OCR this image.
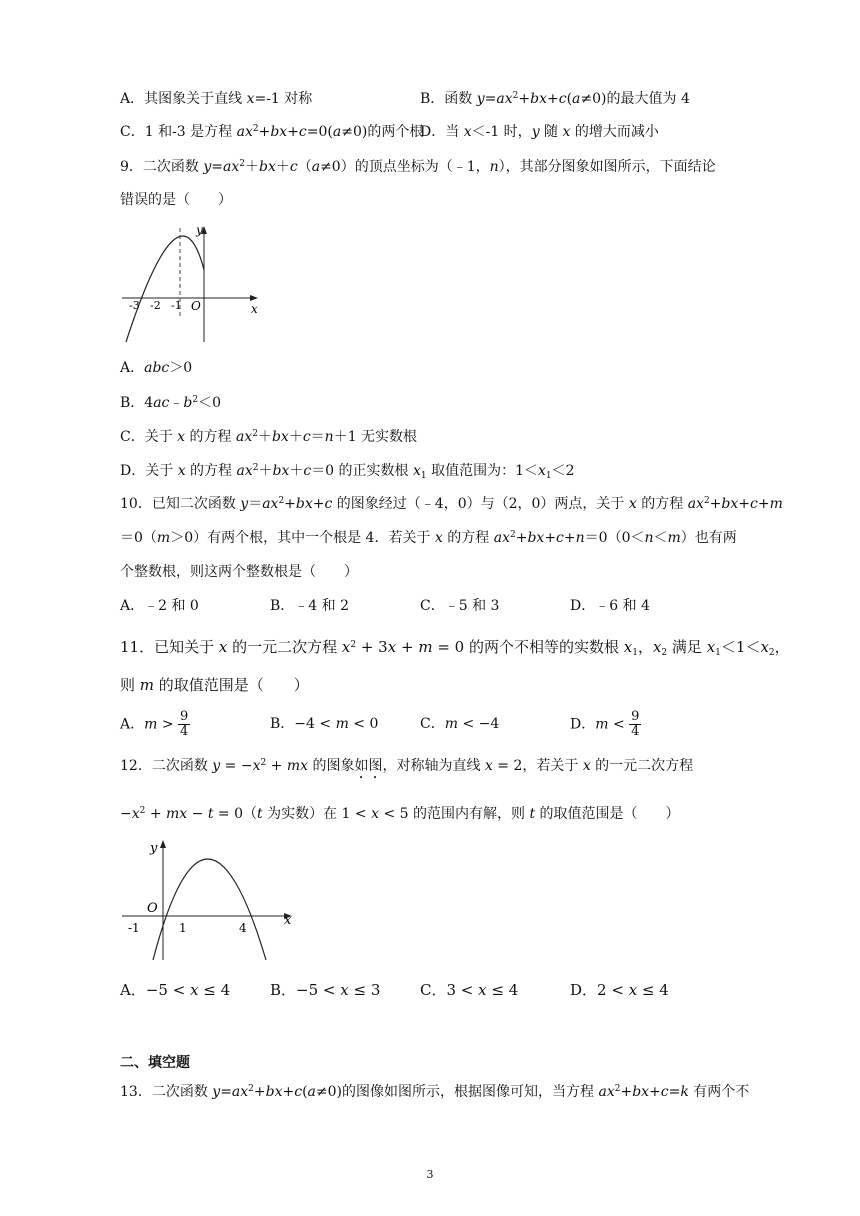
A．其图象关于直线 x=-1 对称	B．函数 $y=ax^2+bx+c(a\ne 0)$的最大值为 4
C．1 和-3 是方程 $ax^2+bx+c=0(a\ne 0)$的两个根
D．当 x＜-1 时，y 随 x 的增大而减小
9．二次函数 $y=ax^2+bx+c(a\ne 0)$的顶点坐标为（﹣1，n），其部分图象如图所示，下面结论
错误的是（　　）
y
x
O
-3 -2 -1
A．abc＞0
B．$4ac﹣b^2<0$
C．关于 x 的方程 $ax^2+bx+c=n+1$ 无实数根
D．关于 x 的方程 $ax^2+bx+c=0$ 的正实数根 $x_1$ 取值范围为：$1<x_1<2$
10．已知二次函数 $y=ax^2+bx+c$ 的图象经过（﹣4，0）与（2，0）两点，关于 x 的方程 $ax^2+bx+c+m$
＝0（m＞0）有两个根，其中一个根是 4．若关于 x 的方程 $ax^2+bx+c+n=0(0<n<m)$也有两
个整数根，则这两个整数根是（　　）
A．﹣2 和 0	B．﹣4 和 2	C．﹣5 和 3	D．﹣6 和 4
11．已知关于 x 的一元二次方程 $x^2 + 3x + m = 0$ 的两个不相等的实数根 $x_1$，$x_2$ 满足 $x_1<1<x_2$，
则 m 的取值范围是（　　）
A．$m > \frac{9}{4}$	B．−4 < m < 0	C．m < −4	D．$m < \frac{9}{4}$
12．二次函数 $y = -x^2$ + mx 的图象如图，对称轴为直线 x = 2，若关于 x 的一元二次方程
$-x^2$ + mx − t = 0（t 为实数）在 1 < x < 5 的范围内有解，则 t 的取值范围是（　　）
y
x
O
-1	1	4
A．−5 < x ≤ 4	B．−5 < x ≤ 3	C．3 < x ≤ 4	D．2 < x ≤ 4
二、填空题
13．二次函数 $y=ax^2+bx+c(a\ne 0)$的图像如图所示，根据图像可知，当方程 $ax^2+bx+c=k$ 有两个不
3
